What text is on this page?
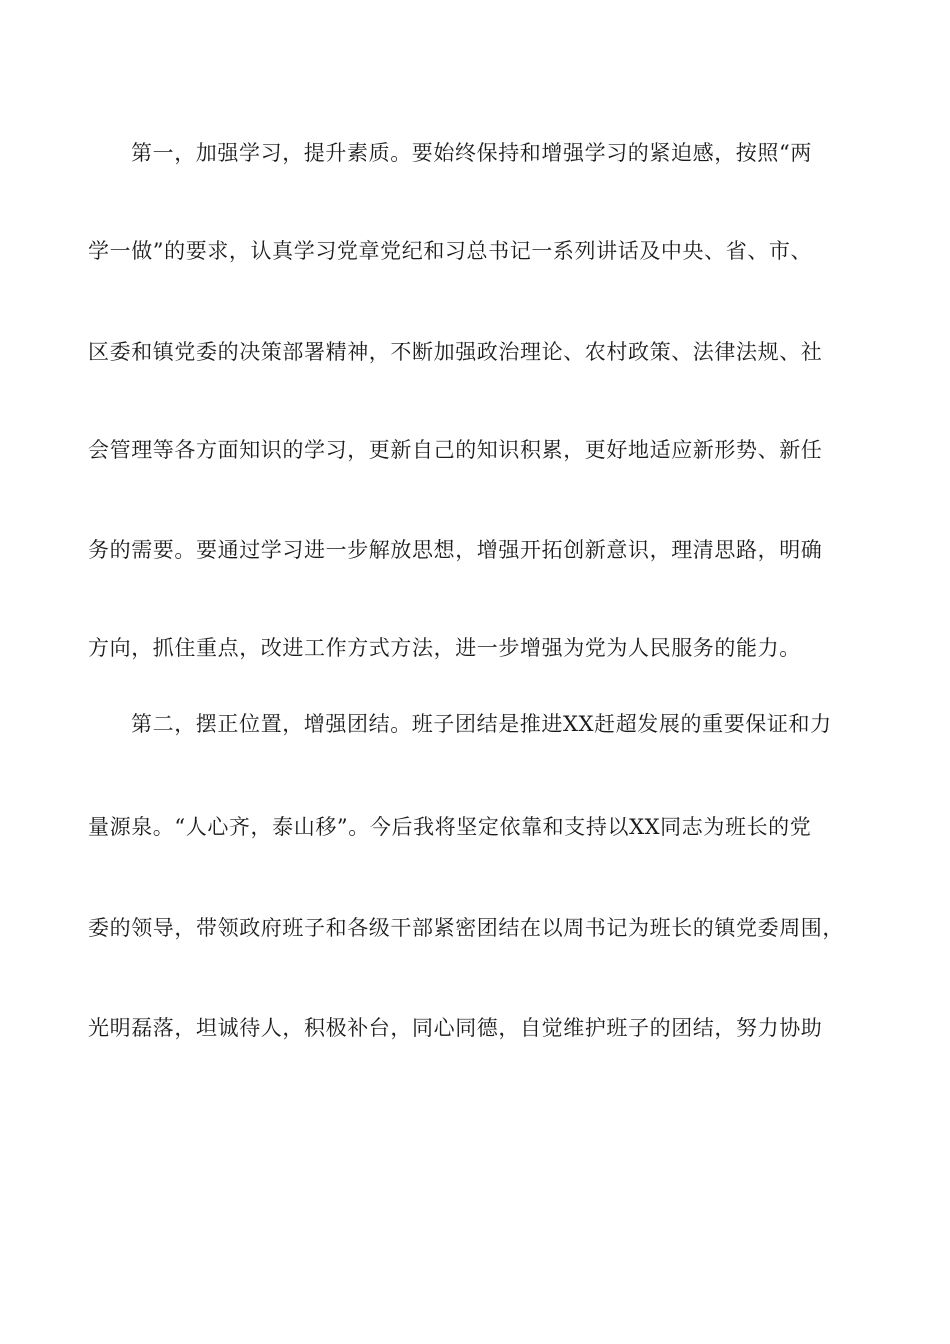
第一，加强学习，提升素质。要始终保持和增强学习的紧迫感，按照“两

学一做”的要求，认真学习党章党纪和习总书记一系列讲话及中央、省、市、

区委和镇党委的决策部署精神，不断加强政治理论、农村政策、法律法规、社

会管理等各方面知识的学习，更新自己的知识积累，更好地适应新形势、新任

务的需要。要通过学习进一步解放思想，增强开拓创新意识，理清思路，明确

方向，抓住重点，改进工作方式方法，进一步增强为党为人民服务的能力。

第二，摆正位置，增强团结。班子团结是推进XX赶超发展的重要保证和力

量源泉。“人心齐，泰山移”。今后我将坚定依靠和支持以XX同志为班长的党

委的领导，带领政府班子和各级干部紧密团结在以周书记为班长的镇党委周围，

光明磊落，坦诚待人，积极补台，同心同德，自觉维护班子的团结，努力协助
